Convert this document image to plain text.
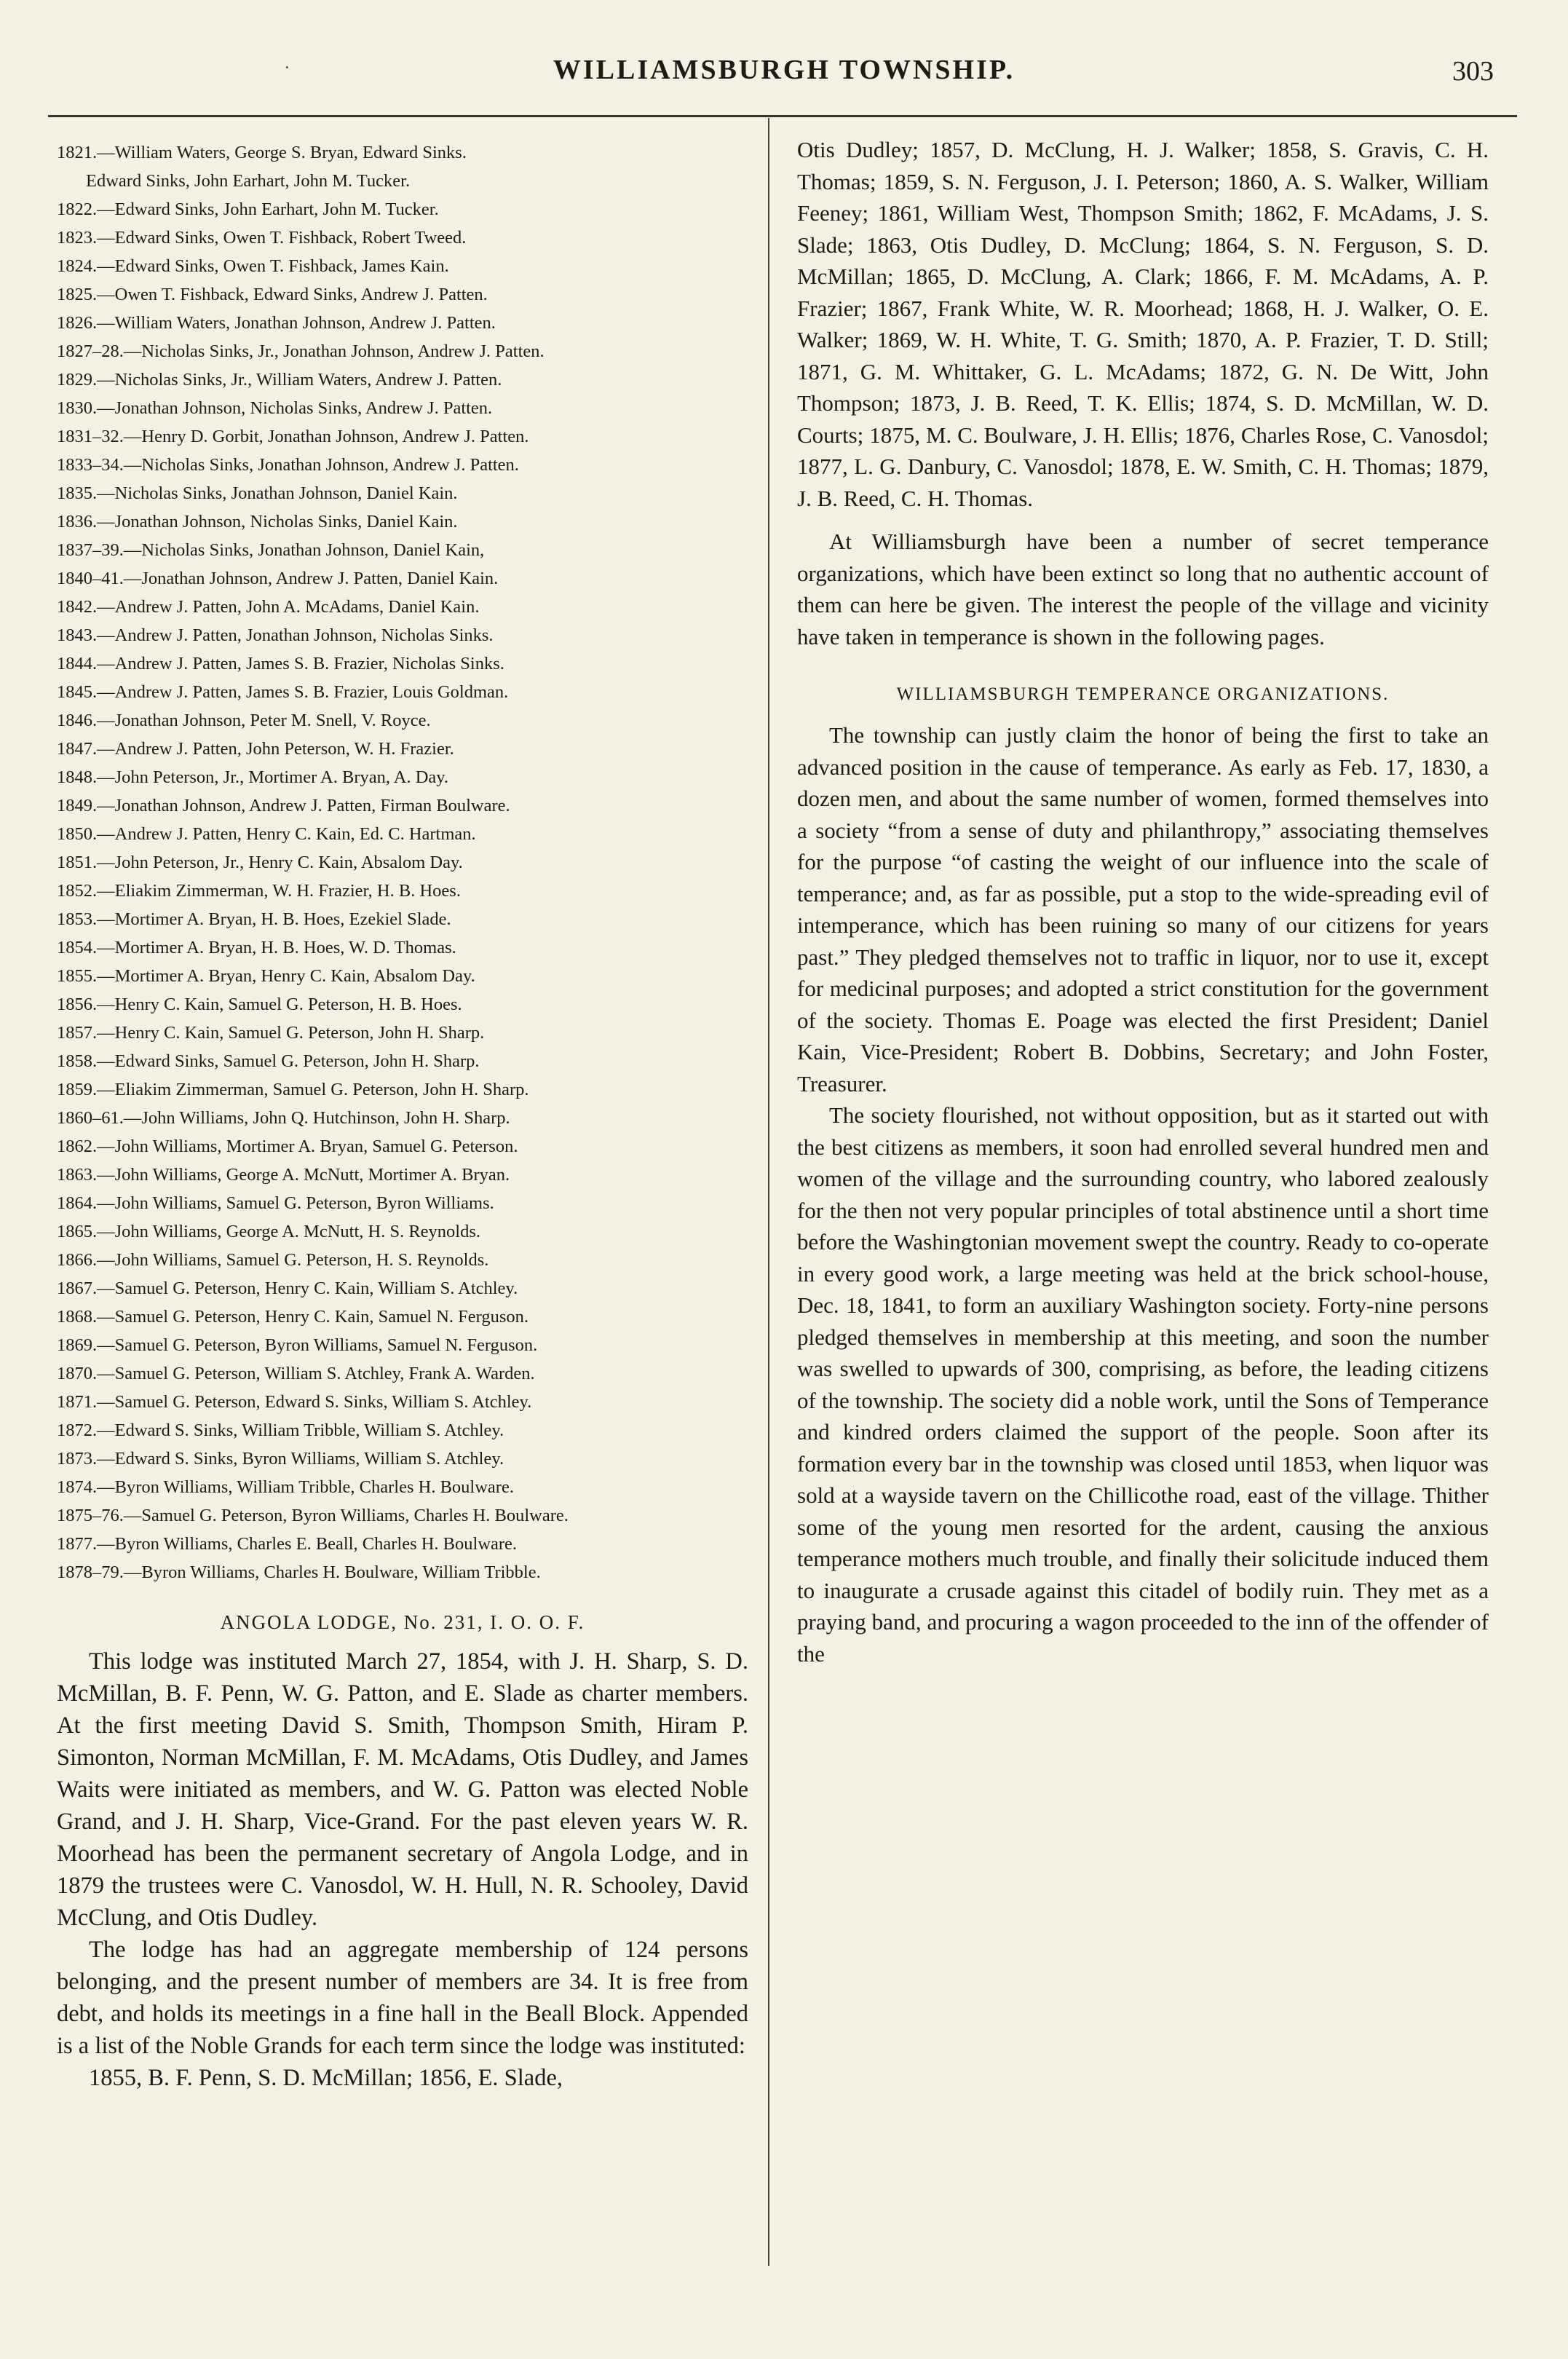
·	WILLIAMSBURGH TOWNSHIP.	303
1821.—William Waters, George S. Bryan, Edward Sinks.
Edward Sinks, John Earhart, John M. Tucker.
1822.—Edward Sinks, John Earhart, John M. Tucker.
1823.—Edward Sinks, Owen T. Fishback, Robert Tweed.
1824.—Edward Sinks, Owen T. Fishback, James Kain.
1825.—Owen T. Fishback, Edward Sinks, Andrew J. Patten.
1826.—William Waters, Jonathan Johnson, Andrew J. Patten.
1827–28.—Nicholas Sinks, Jr., Jonathan Johnson, Andrew J. Patten.
1829.—Nicholas Sinks, Jr., William Waters, Andrew J. Patten.
1830.—Jonathan Johnson, Nicholas Sinks, Andrew J. Patten.
1831–32.—Henry D. Gorbit, Jonathan Johnson, Andrew J. Patten.
1833–34.—Nicholas Sinks, Jonathan Johnson, Andrew J. Patten.
1835.—Nicholas Sinks, Jonathan Johnson, Daniel Kain.
1836.—Jonathan Johnson, Nicholas Sinks, Daniel Kain.
1837–39.—Nicholas Sinks, Jonathan Johnson, Daniel Kain,
1840–41.—Jonathan Johnson, Andrew J. Patten, Daniel Kain.
1842.—Andrew J. Patten, John A. McAdams, Daniel Kain.
1843.—Andrew J. Patten, Jonathan Johnson, Nicholas Sinks.
1844.—Andrew J. Patten, James S. B. Frazier, Nicholas Sinks.
1845.—Andrew J. Patten, James S. B. Frazier, Louis Goldman.
1846.—Jonathan Johnson, Peter M. Snell, V. Royce.
1847.—Andrew J. Patten, John Peterson, W. H. Frazier.
1848.—John Peterson, Jr., Mortimer A. Bryan, A. Day.
1849.—Jonathan Johnson, Andrew J. Patten, Firman Boulware.
1850.—Andrew J. Patten, Henry C. Kain, Ed. C. Hartman.
1851.—John Peterson, Jr., Henry C. Kain, Absalom Day.
1852.—Eliakim Zimmerman, W. H. Frazier, H. B. Hoes.
1853.—Mortimer A. Bryan, H. B. Hoes, Ezekiel Slade.
1854.—Mortimer A. Bryan, H. B. Hoes, W. D. Thomas.
1855.—Mortimer A. Bryan, Henry C. Kain, Absalom Day.
1856.—Henry C. Kain, Samuel G. Peterson, H. B. Hoes.
1857.—Henry C. Kain, Samuel G. Peterson, John H. Sharp.
1858.—Edward Sinks, Samuel G. Peterson, John H. Sharp.
1859.—Eliakim Zimmerman, Samuel G. Peterson, John H. Sharp.
1860–61.—John Williams, John Q. Hutchinson, John H. Sharp.
1862.—John Williams, Mortimer A. Bryan, Samuel G. Peterson.
1863.—John Williams, George A. McNutt, Mortimer A. Bryan.
1864.—John Williams, Samuel G. Peterson, Byron Williams.
1865.—John Williams, George A. McNutt, H. S. Reynolds.
1866.—John Williams, Samuel G. Peterson, H. S. Reynolds.
1867.—Samuel G. Peterson, Henry C. Kain, William S. Atchley.
1868.—Samuel G. Peterson, Henry C. Kain, Samuel N. Ferguson.
1869.—Samuel G. Peterson, Byron Williams, Samuel N. Ferguson.
1870.—Samuel G. Peterson, William S. Atchley, Frank A. Warden.
1871.—Samuel G. Peterson, Edward S. Sinks, William S. Atchley.
1872.—Edward S. Sinks, William Tribble, William S. Atchley.
1873.—Edward S. Sinks, Byron Williams, William S. Atchley.
1874.—Byron Williams, William Tribble, Charles H. Boulware.
1875–76.—Samuel G. Peterson, Byron Williams, Charles H. Boulware.
1877.—Byron Williams, Charles E. Beall, Charles H. Boulware.
1878–79.—Byron Williams, Charles H. Boulware, William Tribble.
ANGOLA LODGE, No. 231, I. O. O. F.

This lodge was instituted March 27, 1854, with J. H. Sharp, S. D. McMillan, B. F. Penn, W. G. Patton, and E. Slade as charter members. At the first meeting David S. Smith, Thompson Smith, Hiram P. Simonton, Norman McMillan, F. M. McAdams, Otis Dudley, and James Waits were initiated as members, and W. G. Patton was elected Noble Grand, and J. H. Sharp, Vice-Grand. For the past eleven years W. R. Moorhead has been the permanent secretary of Angola Lodge, and in 1879 the trustees were C. Vanosdol, W. H. Hull, N. R. Schooley, David McClung, and Otis Dudley.

The lodge has had an aggregate membership of 124 persons belonging, and the present number of members are 34. It is free from debt, and holds its meetings in a fine hall in the Beall Block. Appended is a list of the Noble Grands for each term since the lodge was instituted:

1855, B. F. Penn, S. D. McMillan; 1856, E. Slade,

Otis Dudley; 1857, D. McClung, H. J. Walker; 1858, S. Gravis, C. H. Thomas; 1859, S. N. Ferguson, J. I. Peterson; 1860, A. S. Walker, William Feeney; 1861, William West, Thompson Smith; 1862, F. McAdams, J. S. Slade; 1863, Otis Dudley, D. McClung; 1864, S. N. Ferguson, S. D. McMillan; 1865, D. McClung, A. Clark; 1866, F. M. McAdams, A. P. Frazier; 1867, Frank White, W. R. Moorhead; 1868, H. J. Walker, O. E. Walker; 1869, W. H. White, T. G. Smith; 1870, A. P. Frazier, T. D. Still; 1871, G. M. Whittaker, G. L. McAdams; 1872, G. N. De Witt, John Thompson; 1873, J. B. Reed, T. K. Ellis; 1874, S. D. McMillan, W. D. Courts; 1875, M. C. Boulware, J. H. Ellis; 1876, Charles Rose, C. Vanosdol; 1877, L. G. Danbury, C. Vanosdol; 1878, E. W. Smith, C. H. Thomas; 1879, J. B. Reed, C. H. Thomas.

At Williamsburgh have been a number of secret temperance organizations, which have been extinct so long that no authentic account of them can here be given. The interest the people of the village and vicinity have taken in temperance is shown in the following pages.

WILLIAMSBURGH TEMPERANCE ORGANIZATIONS.

The township can justly claim the honor of being the first to take an advanced position in the cause of temperance. As early as Feb. 17, 1830, a dozen men, and about the same number of women, formed themselves into a society “from a sense of duty and philanthropy,” associating themselves for the purpose “of casting the weight of our influence into the scale of temperance; and, as far as possible, put a stop to the wide-spreading evil of intemperance, which has been ruining so many of our citizens for years past.” They pledged themselves not to traffic in liquor, nor to use it, except for medicinal purposes; and adopted a strict constitution for the government of the society. Thomas E. Poage was elected the first President; Daniel Kain, Vice-President; Robert B. Dobbins, Secretary; and John Foster, Treasurer.

The society flourished, not without opposition, but as it started out with the best citizens as members, it soon had enrolled several hundred men and women of the village and the surrounding country, who labored zealously for the then not very popular principles of total abstinence until a short time before the Washingtonian movement swept the country. Ready to co-operate in every good work, a large meeting was held at the brick school-house, Dec. 18, 1841, to form an auxiliary Washington society. Forty-nine persons pledged themselves in membership at this meeting, and soon the number was swelled to upwards of 300, comprising, as before, the leading citizens of the township. The society did a noble work, until the Sons of Temperance and kindred orders claimed the support of the people. Soon after its formation every bar in the township was closed until 1853, when liquor was sold at a wayside tavern on the Chillicothe road, east of the village. Thither some of the young men resorted for the ardent, causing the anxious temperance mothers much trouble, and finally their solicitude induced them to inaugurate a crusade against this citadel of bodily ruin. They met as a praying band, and procuring a wagon proceeded to the inn of the offender of the
